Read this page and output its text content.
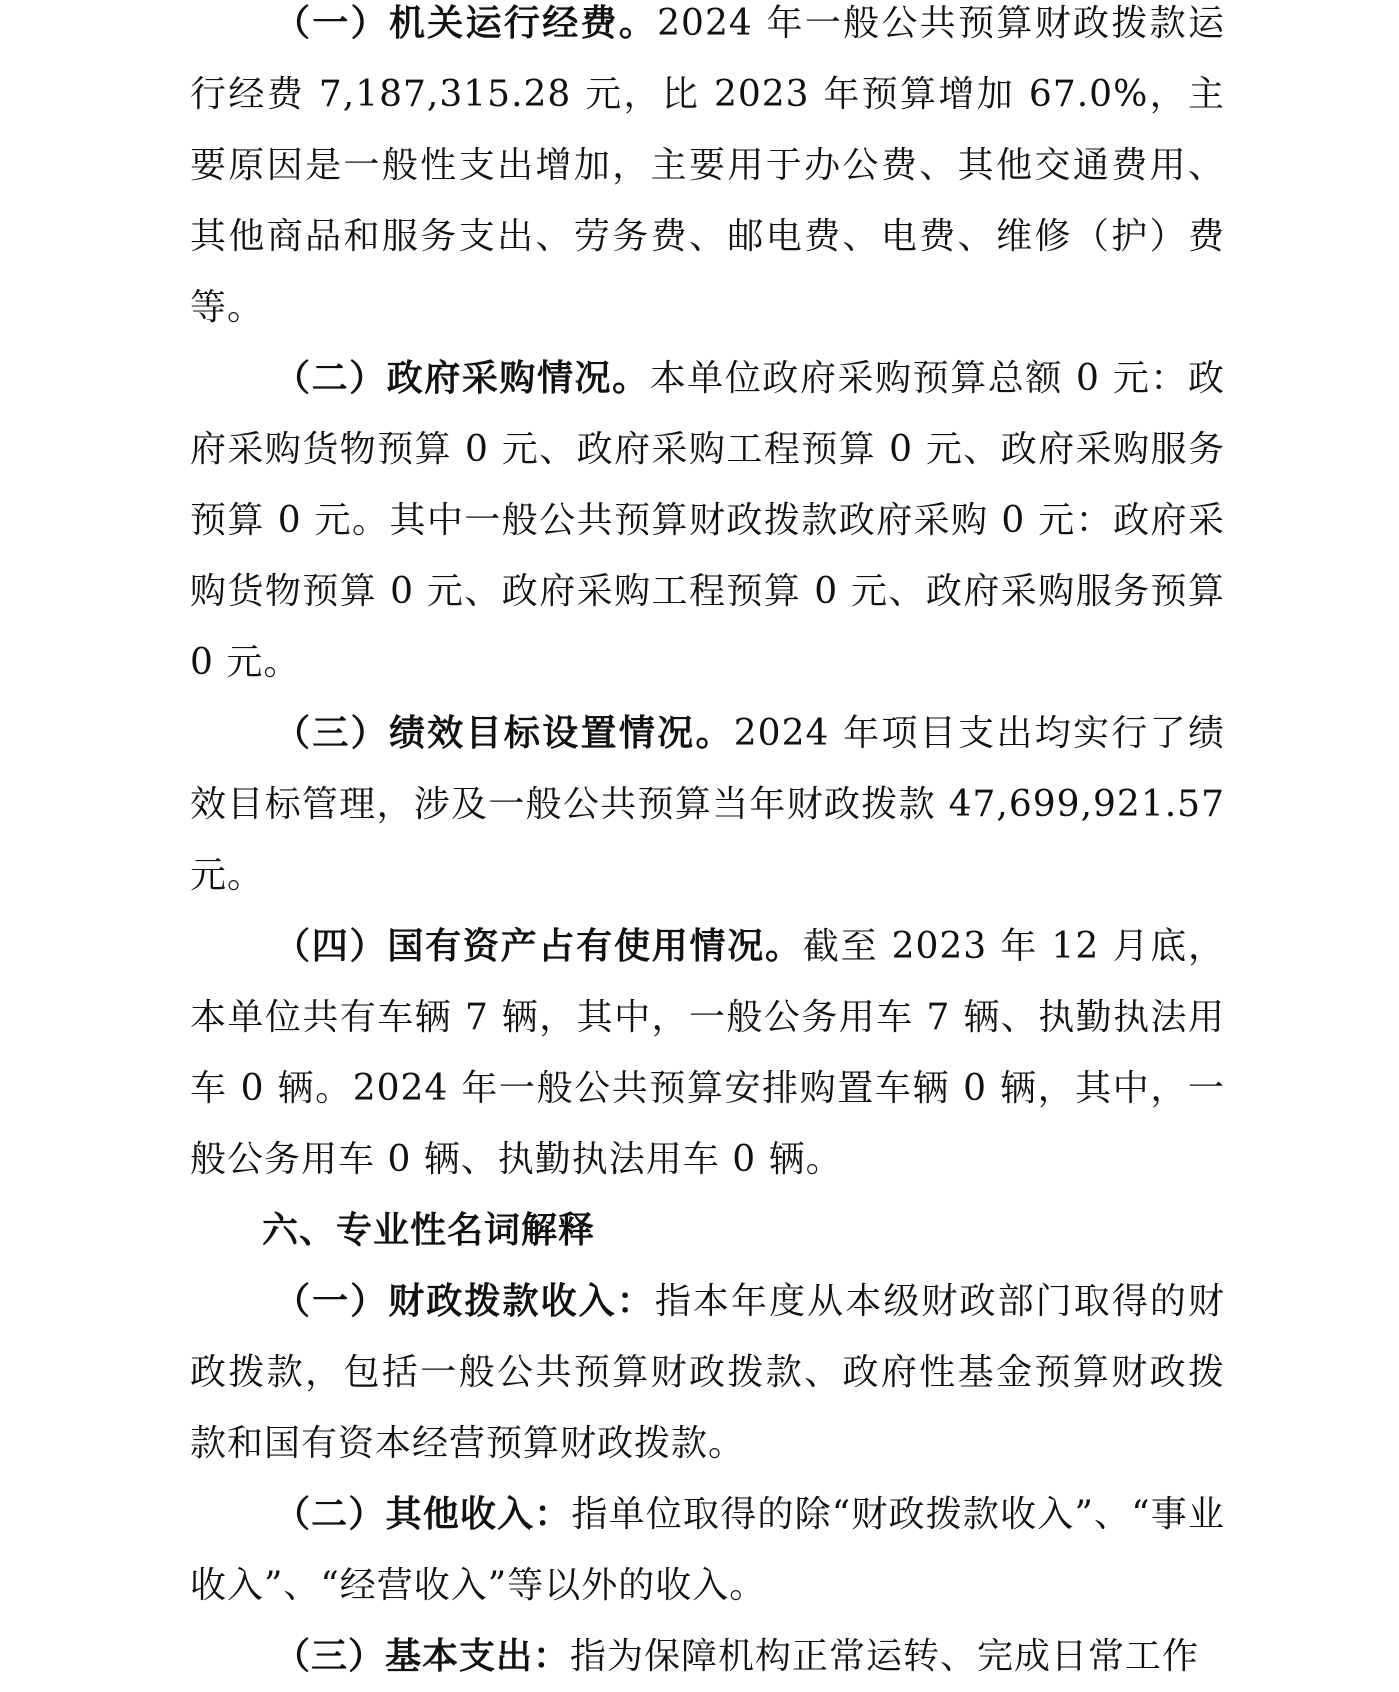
（一）机关运行经费。2024 年一般公共预算财政拨款运行经费 7,187,315.28 元，比 2023 年预算增加 67.0%，主要原因是一般性支出增加，主要用于办公费、其他交通费用、其他商品和服务支出、劳务费、邮电费、电费、维修（护）费等。

（二）政府采购情况。本单位政府采购预算总额 0 元：政府采购货物预算 0 元、政府采购工程预算 0 元、政府采购服务预算 0 元。其中一般公共预算财政拨款政府采购 0 元：政府采购货物预算 0 元、政府采购工程预算 0 元、政府采购服务预算 0 元。

（三）绩效目标设置情况。2024 年项目支出均实行了绩效目标管理，涉及一般公共预算当年财政拨款 47,699,921.57 元。

（四）国有资产占有使用情况。截至 2023 年 12 月底，本单位共有车辆 7 辆，其中，一般公务用车 7 辆、执勤执法用车 0 辆。2024 年一般公共预算安排购置车辆 0 辆，其中，一般公务用车 0 辆、执勤执法用车 0 辆。

六、专业性名词解释

（一）财政拨款收入：指本年度从本级财政部门取得的财政拨款，包括一般公共预算财政拨款、政府性基金预算财政拨款和国有资本经营预算财政拨款。

（二）其他收入：指单位取得的除“财政拨款收入”、“事业收入”、“经营收入”等以外的收入。

（三）基本支出：指为保障机构正常运转、完成日常工作
